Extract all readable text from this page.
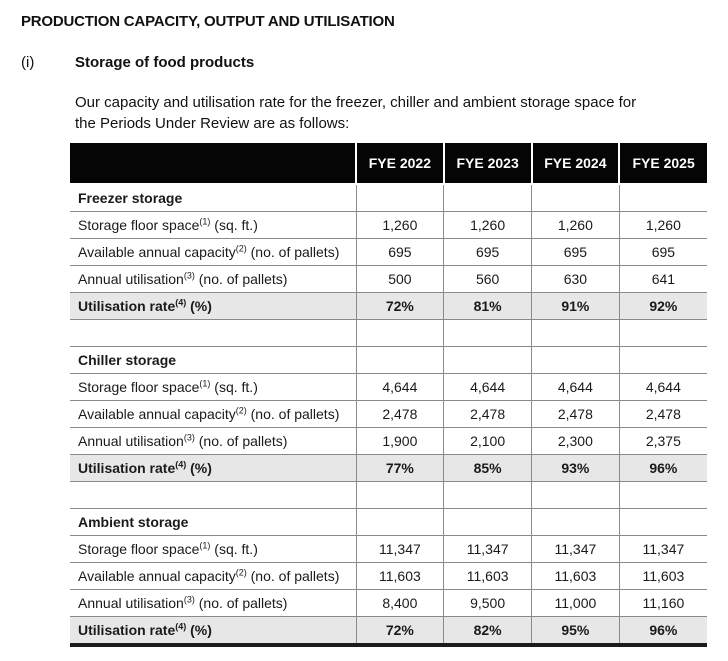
PRODUCTION CAPACITY, OUTPUT AND UTILISATION
(i)	Storage of food products
Our capacity and utilisation rate for the freezer, chiller and ambient storage space for
the Periods Under Review are as follows:
	FYE 2022	FYE 2023	FYE 2024	FYE 2025
Freezer storage				
Storage floor space$^{(1)}$ (sq. ft.)	1,260	1,260	1,260	1,260
Available annual capacity$^{(2)}$ (no. of pallets)	695	695	695	695
Annual utilisation$^{(3)}$ (no. of pallets)	500	560	630	641
Utilisation rate$^{(4)}$ (%)	72%	81%	91%	92%

Chiller storage				
Storage floor space$^{(1)}$ (sq. ft.)	4,644	4,644	4,644	4,644
Available annual capacity$^{(2)}$ (no. of pallets)	2,478	2,478	2,478	2,478
Annual utilisation$^{(3)}$ (no. of pallets)	1,900	2,100	2,300	2,375
Utilisation rate$^{(4)}$ (%)	77%	85%	93%	96%

Ambient storage				
Storage floor space$^{(1)}$ (sq. ft.)	11,347	11,347	11,347	11,347
Available annual capacity$^{(2)}$ (no. of pallets)	11,603	11,603	11,603	11,603
Annual utilisation$^{(3)}$ (no. of pallets)	8,400	9,500	11,000	11,160
Utilisation rate$^{(4)}$ (%)	72%	82%	95%	96%
